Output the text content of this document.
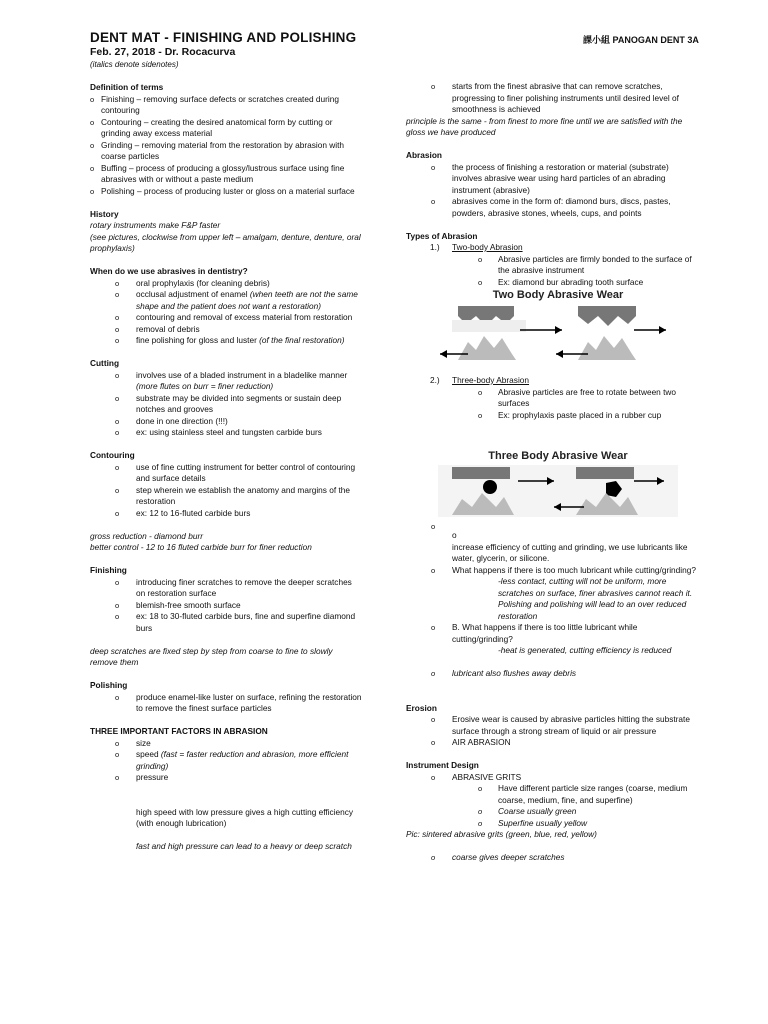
DENT MAT - FINISHING AND POLISHING	課小組 PANOGAN DENT 3A
Feb. 27, 2018 - Dr. Rocacurva
(italics denote sidenotes)

Definition of terms

o Finishing – removing surface defects or scratches created during contouring
o Contouring – creating the desired anatomical form by cutting or grinding away excess material
o Grinding – removing material from the restoration by abrasion with coarse particles
o Buffing – process of producing a glossy/lustrous surface using fine abrasives with or without a paste medium
o Polishing – process of producing luster or gloss on a material surface

History

rotary instruments make F&P faster
(see pictures, clockwise from upper left – amalgam, denture, denture, oral prophylaxis)

When do we use abrasives in dentistry?

o oral prophylaxis (for cleaning debris)
o occlusal adjustment of enamel (when teeth are not the same shape and the patient does not want a restoration)
o contouring and removal of excess material from restoration
o removal of debris
o fine polishing for gloss and luster (of the final restoration)

Cutting

o involves use of a bladed instrument in a bladelike manner (more flutes on burr = finer reduction)
o substrate may be divided into segments or sustain deep notches and grooves
o done in one direction (!!!)
o ex: using stainless steel and tungsten carbide burs

Contouring

o use of fine cutting instrument for better control of contouring and surface details
o step wherein we establish the anatomy and margins of the restoration
o ex: 12 to 16-fluted carbide burs
gross reduction - diamond burr
better control - 12 to 16 fluted carbide burr for finer reduction

Finishing

o introducing finer scratches to remove the deeper scratches on restoration surface
o blemish-free smooth surface
o ex: 18 to 30-fluted carbide burs, fine and superfine diamond burs
deep scratches are fixed step by step from coarse to fine to slowly remove them

Polishing

o produce enamel-like luster on surface, refining the restoration to remove the finest surface particles

THREE IMPORTANT FACTORS IN ABRASION

o size
o speed (fast = faster reduction and abrasion, more efficient grinding)
o pressure
high speed with low pressure gives a high cutting efficiency (with enough lubrication)
fast and high pressure can lead to a heavy or deep scratch
o starts from the finest abrasive that can remove scratches, progressing to finer polishing instruments until desired level of smoothness is achieved
principle is the same - from finest to more fine until we are satisfied with the gloss we have produced

Abrasion

o the process of finishing a restoration or material (substrate) involves abrasive wear using hard particles of an abrading instrument (abrasive)
o abrasives come in the form of: diamond burs, discs, pastes, powders, abrasive stones, wheels, cups, and points

Types of Abrasion

1.) Two-body Abrasion
o Abrasive particles are firmly bonded to the surface of the abrasive instrument
o Ex: diamond bur abrading tooth surface
Two Body Abrasive Wear
2.) Three-body Abrasion
o Abrasive particles are free to rotate between two surfaces
o Ex: prophylaxis paste placed in a rubber cup
Three Body Abrasive Wear
o
o
increase efficiency of cutting and grinding, we use lubricants like water, glycerin, or silicone.
o What happens if there is too much lubricant while cutting/grinding?
-less contact, cutting will not be uniform, more scratches on surface, finer abrasives cannot reach it. Polishing and polishing will lead to an over reduced restoration
o B. What happens if there is too little lubricant while cutting/grinding?
-heat is generated, cutting efficiency is reduced
o lubricant also flushes away debris

Erosion

o Erosive wear is caused by abrasive particles hitting the substrate surface through a strong stream of liquid or air pressure
o AIR ABRASION

Instrument Design

o ABRASIVE GRITS
o Have different particle size ranges (coarse, medium coarse, medium, fine, and superfine)
o Coarse usually green
o Superfine usually yellow
Pic: sintered abrasive grits (green, blue, red, yellow)
o coarse gives deeper scratches
